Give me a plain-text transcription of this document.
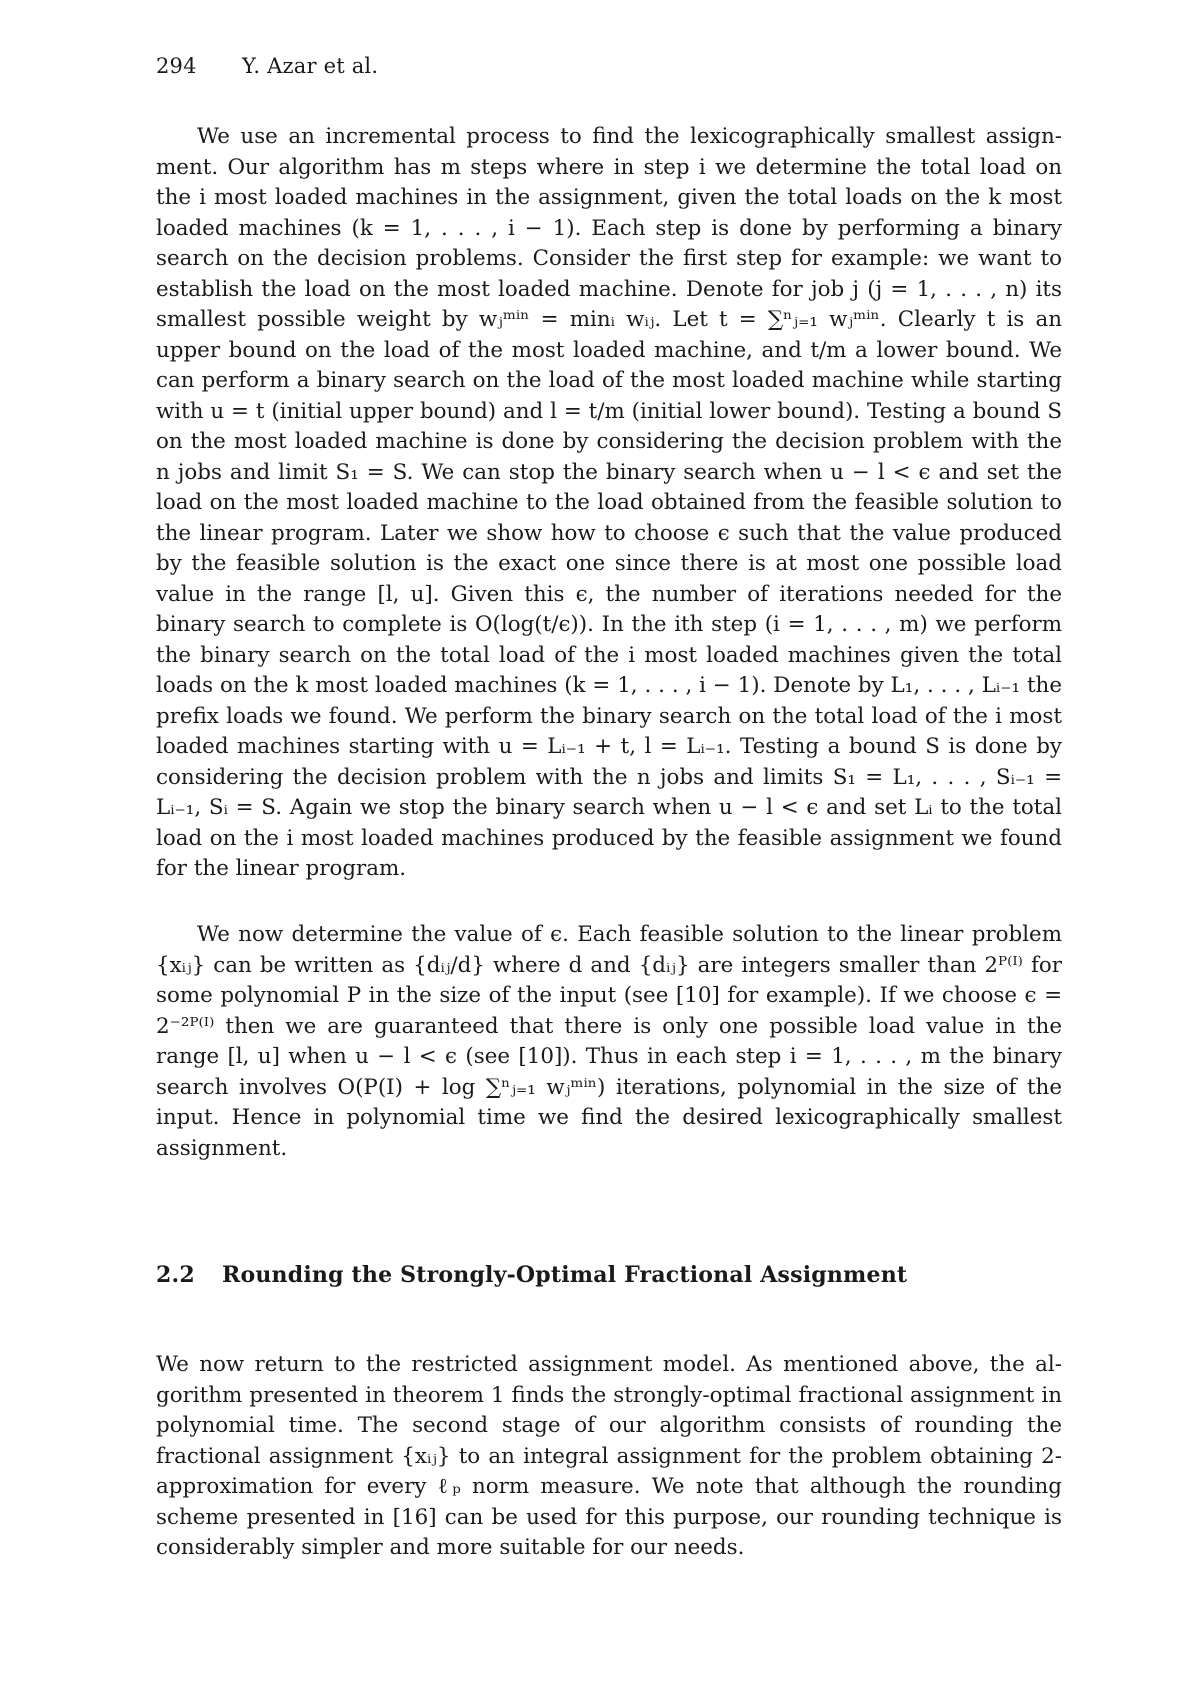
294 Y. Azar et al.

We use an incremental process to find the lexicographically smallest assignment. Our algorithm has m steps where in step i we determine the total load on the i most loaded machines in the assignment, given the total loads on the k most loaded machines (k = 1, . . . , i − 1). Each step is done by performing a binary search on the decision problems. Consider the first step for example: we want to establish the load on the most loaded machine. Denote for job j (j = 1, . . . , n) its smallest possible weight by wⱼᵐⁱⁿ = minᵢ wᵢⱼ. Let t = ∑ⁿⱼ₌₁ wⱼᵐⁱⁿ. Clearly t is an upper bound on the load of the most loaded machine, and t/m a lower bound. We can perform a binary search on the load of the most loaded machine while starting with u = t (initial upper bound) and l = t/m (initial lower bound). Testing a bound S on the most loaded machine is done by considering the decision problem with the n jobs and limit S₁ = S. We can stop the binary search when u − l < ϵ and set the load on the most loaded machine to the load obtained from the feasible solution to the linear program. Later we show how to choose ϵ such that the value produced by the feasible solution is the exact one since there is at most one possible load value in the range [l, u]. Given this ϵ, the number of iterations needed for the binary search to complete is O(log(t/ϵ)). In the ith step (i = 1, . . . , m) we perform the binary search on the total load of the i most loaded machines given the total loads on the k most loaded machines (k = 1, . . . , i − 1). Denote by L₁, . . . , Lᵢ₋₁ the prefix loads we found. We perform the binary search on the total load of the i most loaded machines starting with u = Lᵢ₋₁ + t, l = Lᵢ₋₁. Testing a bound S is done by considering the decision problem with the n jobs and limits S₁ = L₁, . . . , Sᵢ₋₁ = Lᵢ₋₁, Sᵢ = S. Again we stop the binary search when u − l < ϵ and set Lᵢ to the total load on the i most loaded machines produced by the feasible assignment we found for the linear program.

We now determine the value of ϵ. Each feasible solution to the linear problem {xᵢⱼ} can be written as {dᵢⱼ/d} where d and {dᵢⱼ} are integers smaller than 2ᴾ⁽ᴵ⁾ for some polynomial P in the size of the input (see [10] for example). If we choose ϵ = 2⁻²ᴾ⁽ᴵ⁾ then we are guaranteed that there is only one possible load value in the range [l, u] when u − l < ϵ (see [10]). Thus in each step i = 1, . . . , m the binary search involves O(P(I) + log ∑ⁿⱼ₌₁ wⱼᵐⁱⁿ) iterations, polynomial in the size of the input. Hence in polynomial time we find the desired lexicographically smallest assignment.

2.2 Rounding the Strongly-Optimal Fractional Assignment

We now return to the restricted assignment model. As mentioned above, the algorithm presented in theorem 1 finds the strongly-optimal fractional assignment in polynomial time. The second stage of our algorithm consists of rounding the fractional assignment {xᵢⱼ} to an integral assignment for the problem obtaining 2-approximation for every ℓₚ norm measure. We note that although the rounding scheme presented in [16] can be used for this purpose, our rounding technique is considerably simpler and more suitable for our needs.
